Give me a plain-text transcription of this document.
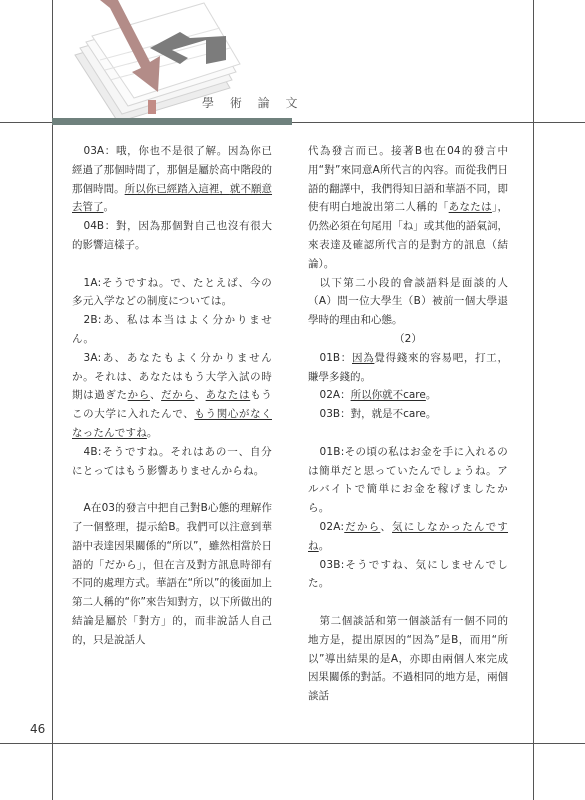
學 術 論 文

03A：哦，你也不是很了解。因為你已經過了那個時間了，那個是屬於高中階段的那個時間。所以你已經踏入這裡，就不願意去管了。

04B：對，因為那個對自己也沒有很大的影響這樣子。

1A:そうですね。で、たとえば、今の多元入学などの制度については。

2B:あ、私は本当はよく分かりません。

3A:あ、あなたもよく分かりませんか。それは、あなたはもう大学入試の時期は過ぎたから、だから、あなたはもうこの大学に入れたんで、もう関心がなくなったんですね。

4B:そうですね。それはあの一、自分にとってはもう影響ありませんからね。

A在03的發言中把自己對B心態的理解作了一個整理，提示給B。我們可以注意到華語中表達因果關係的“所以”，雖然相當於日語的「だから」，但在言及對方訊息時卻有不同的處理方式。華語在“所以”的後面加上第二人稱的“你”來告知對方，以下所做出的結論是屬於「對方」的，而非說話人自己的，只是說話人

代為發言而已。接著B也在04的發言中用“對”來同意A所代言的內容。而從我們日語的翻譯中，我們得知日語和華語不同，即使有明白地說出第二人稱的「あなたは」，仍然必須在句尾用「ね」或其他的語氣詞，來表達及確認所代言的是對方的訊息（結論）。

以下第二小段的會談語料是面談的人（A）問一位大學生（B）被前一個大學退學時的理由和心態。

（2）

01B：因為覺得錢來的容易吧，打工，賺學多錢的。

02A：所以你就不care。

03B：對，就是不care。

01B:その頃の私はお金を手に入れるのは簡単だと思っていたんでしょうね。アルバイトで簡単にお金を稼げましたから。

02A:だから、気にしなかったんですね。

03B:そうですね、気にしませんでした。

第二個談話和第一個談話有一個不同的地方是，提出原因的“因為”是B，而用“所以”導出結果的是A，亦即由兩個人來完成因果關係的對話。不過相同的地方是，兩個談話

46
